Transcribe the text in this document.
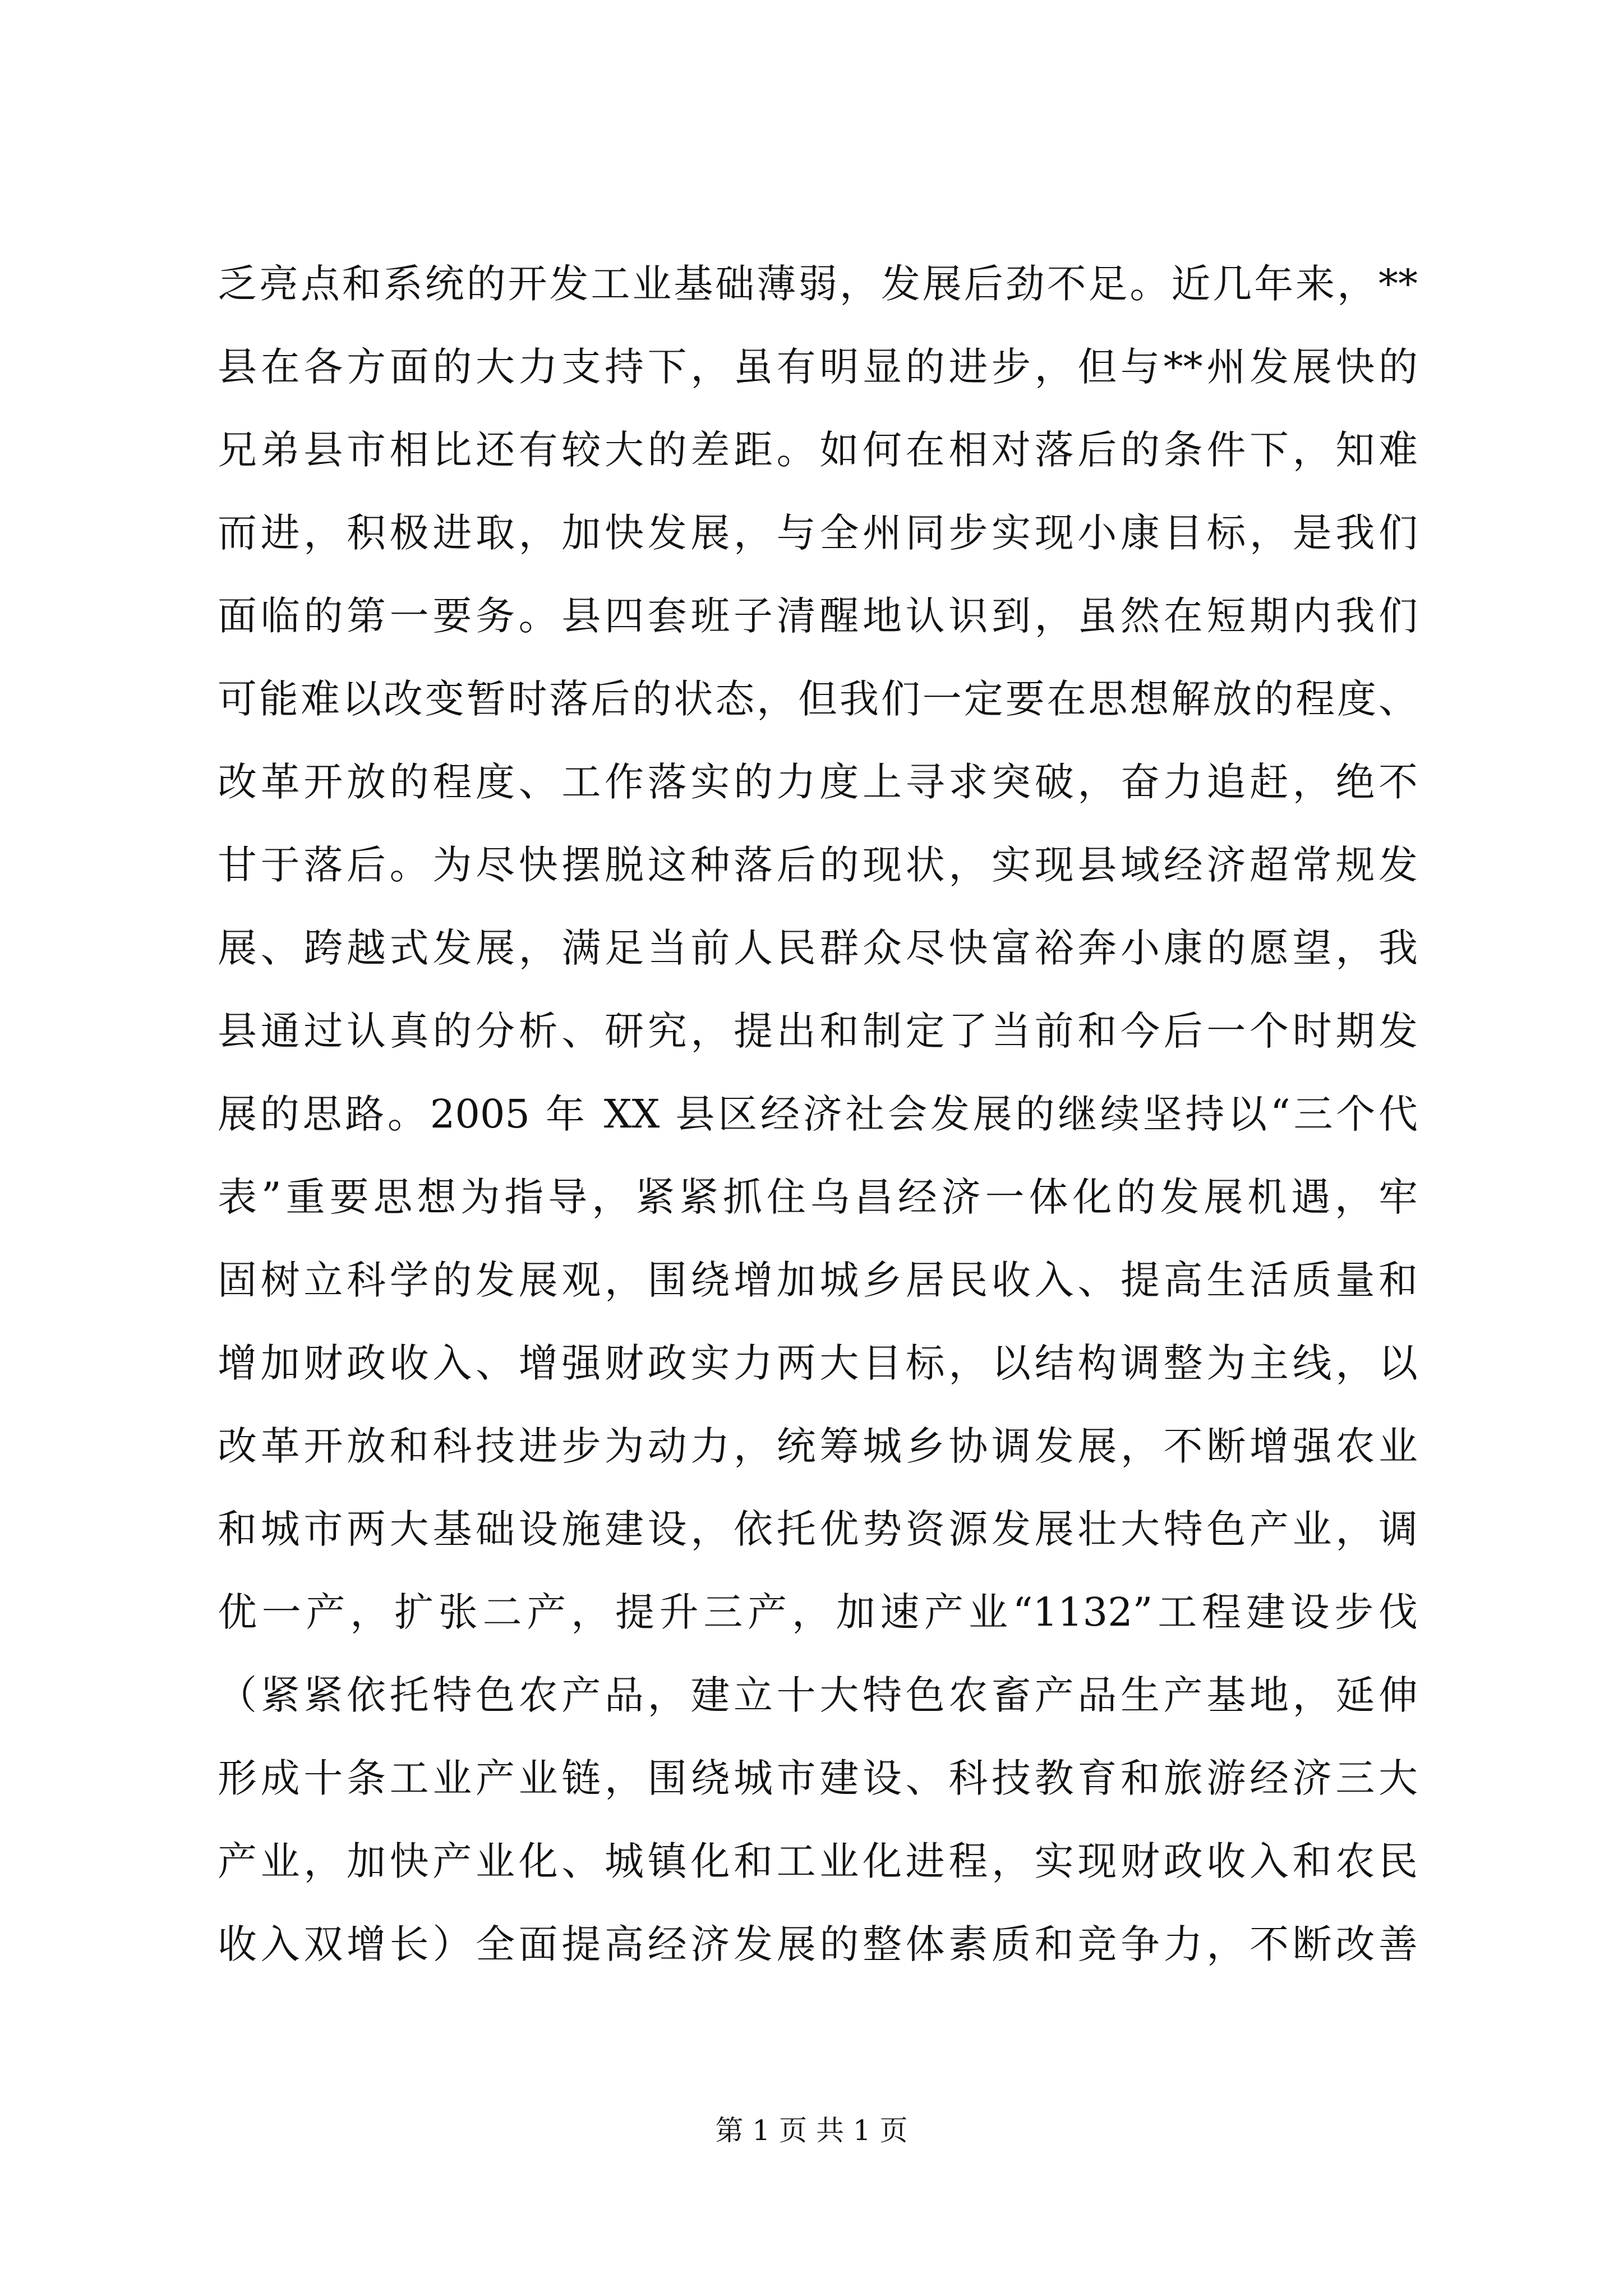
乏亮点和系统的开发工业基础薄弱，发展后劲不足。近几年来，**
县在各方面的大力支持下，虽有明显的进步，但与**州发展快的
兄弟县市相比还有较大的差距。如何在相对落后的条件下，知难
而进，积极进取，加快发展，与全州同步实现小康目标，是我们
面临的第一要务。县四套班子清醒地认识到，虽然在短期内我们
可能难以改变暂时落后的状态，但我们一定要在思想解放的程度、
改革开放的程度、工作落实的力度上寻求突破，奋力追赶，绝不
甘于落后。为尽快摆脱这种落后的现状，实现县域经济超常规发
展、跨越式发展，满足当前人民群众尽快富裕奔小康的愿望，我
县通过认真的分析、研究，提出和制定了当前和今后一个时期发
展的思路。2005 年 XX 县区经济社会发展的继续坚持以“三个代
表”重要思想为指导，紧紧抓住乌昌经济一体化的发展机遇，牢
固树立科学的发展观，围绕增加城乡居民收入、提高生活质量和
增加财政收入、增强财政实力两大目标，以结构调整为主线，以
改革开放和科技进步为动力，统筹城乡协调发展，不断增强农业
和城市两大基础设施建设，依托优势资源发展壮大特色产业，调
优一产，扩张二产，提升三产，加速产业“1132”工程建设步伐
（紧紧依托特色农产品，建立十大特色农畜产品生产基地，延伸
形成十条工业产业链，围绕城市建设、科技教育和旅游经济三大
产业，加快产业化、城镇化和工业化进程，实现财政收入和农民
收入双增长）全面提高经济发展的整体素质和竞争力，不断改善
第 1 页 共 1 页
